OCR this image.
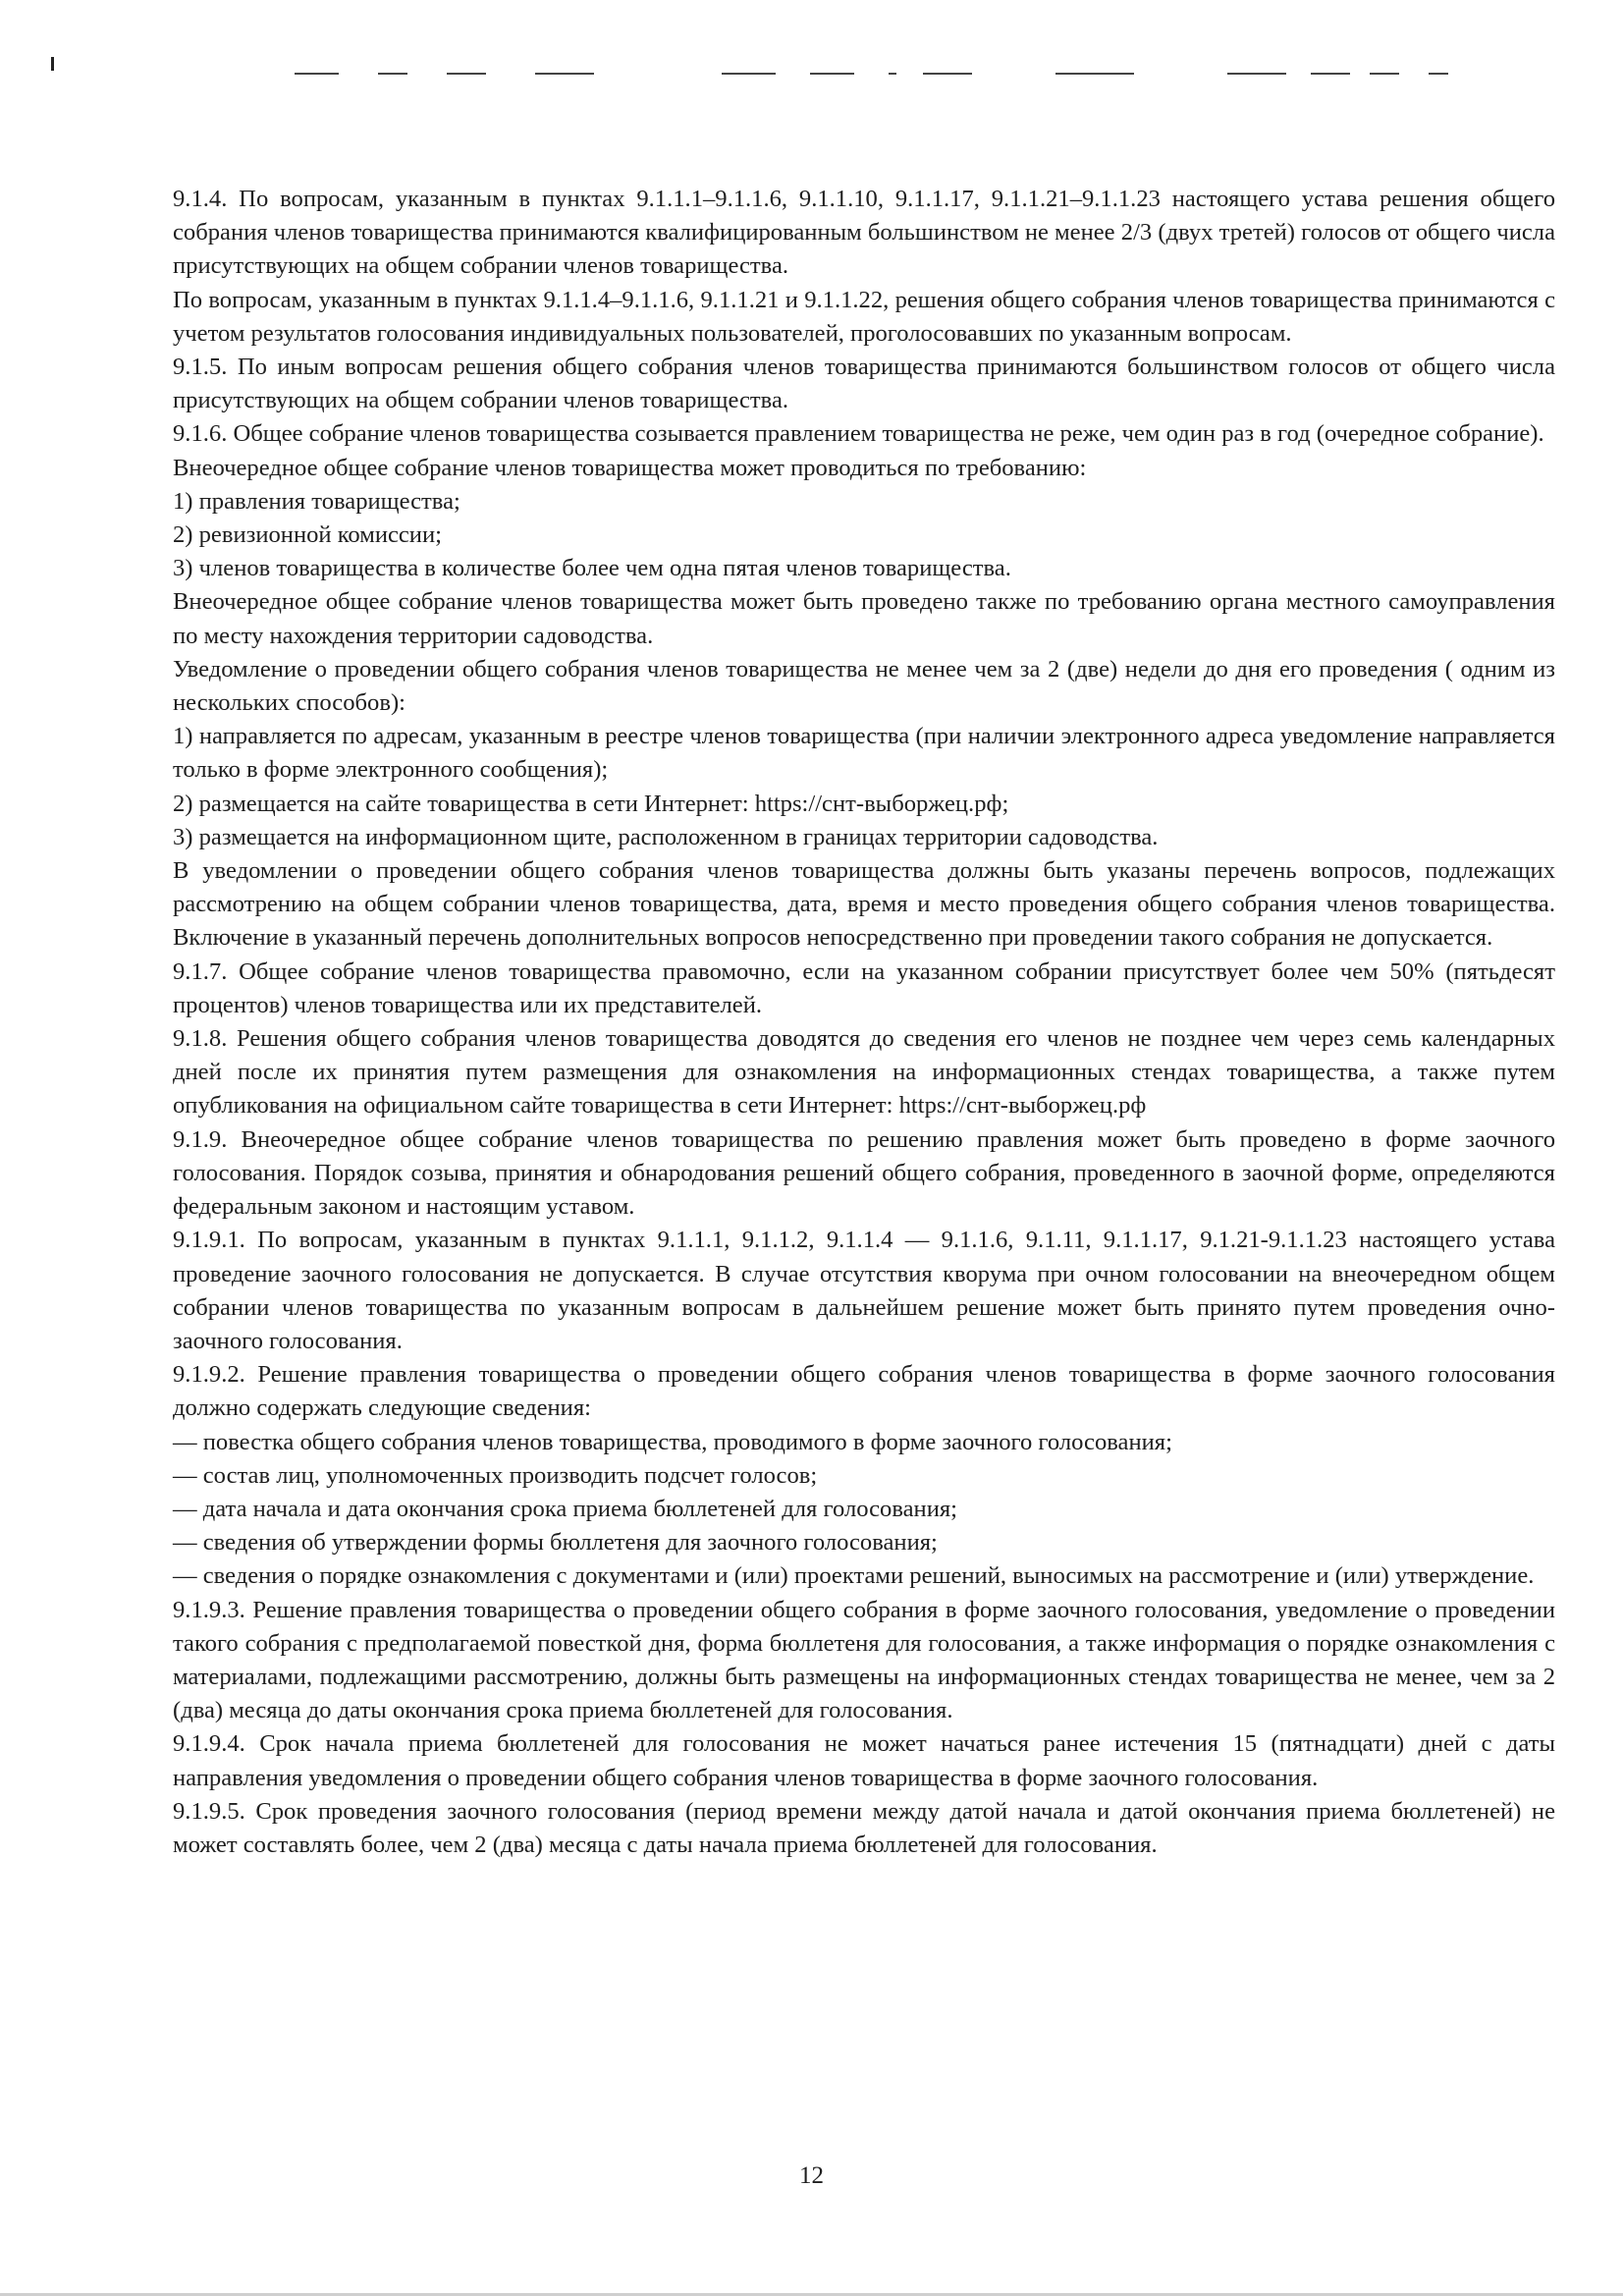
9.1.4. По вопросам, указанным в пунктах 9.1.1.1–9.1.1.6, 9.1.1.10, 9.1.1.17, 9.1.1.21–9.1.1.23 настоящего устава решения общего собрания членов товарищества принимаются квалифицированным большинством не менее 2/3 (двух третей) голосов от общего числа присутствующих на общем собрании членов товарищества.

По вопросам, указанным в пунктах 9.1.1.4–9.1.1.6, 9.1.1.21 и 9.1.1.22, решения общего собрания членов товарищества принимаются с учетом результатов голосования индивидуальных пользователей, проголосовавших по указанным вопросам.

9.1.5. По иным вопросам решения общего собрания членов товарищества принимаются большинством голосов от общего числа присутствующих на общем собрании членов товарищества.

9.1.6. Общее собрание членов товарищества созывается правлением товарищества не реже, чем один раз в год (очередное собрание).

Внеочередное общее собрание членов товарищества может проводиться по требованию:

1) правления товарищества;

2) ревизионной комиссии;

3) членов товарищества в количестве более чем одна пятая членов товарищества.

Внеочередное общее собрание членов товарищества может быть проведено также по требованию органа местного самоуправления по месту нахождения территории садоводства.

Уведомление о проведении общего собрания членов товарищества не менее чем за 2 (две) недели до дня его проведения ( одним из нескольких способов):

1) направляется по адресам, указанным в реестре членов товарищества (при наличии электронного адреса уведомление направляется только в форме электронного сообщения);

2) размещается на сайте товарищества в сети Интернет: https://снт-выборжец.рф;

3) размещается на информационном щите, расположенном в границах территории садоводства.

В уведомлении о проведении общего собрания членов товарищества должны быть указаны перечень вопросов, подлежащих рассмотрению на общем собрании членов товарищества, дата, время и место проведения общего собрания членов товарищества. Включение в указанный перечень дополнительных вопросов непосредственно при проведении такого собрания не допускается.

9.1.7. Общее собрание членов товарищества правомочно, если на указанном собрании присутствует более чем 50% (пятьдесят процентов) членов товарищества или их представителей.

9.1.8. Решения общего собрания членов товарищества доводятся до сведения его членов не позднее чем через семь календарных дней после их принятия путем размещения для ознакомления на информационных стендах товарищества, а также путем опубликования на официальном сайте товарищества в сети Интернет: https://снт-выборжец.рф

9.1.9. Внеочередное общее собрание членов товарищества по решению правления может быть проведено в форме заочного голосования. Порядок созыва, принятия и обнародования решений общего собрания, проведенного в заочной форме, определяются федеральным законом и настоящим уставом.

9.1.9.1. По вопросам, указанным в пунктах 9.1.1.1, 9.1.1.2, 9.1.1.4 — 9.1.1.6, 9.1.11, 9.1.1.17, 9.1.21-9.1.1.23 настоящего устава проведение заочного голосования не допускается. В случае отсутствия кворума при очном голосовании на внеочередном общем собрании членов товарищества по указанным вопросам в дальнейшем решение может быть принято путем проведения очно-заочного голосования.

9.1.9.2. Решение правления товарищества о проведении общего собрания членов товарищества в форме заочного голосования должно содержать следующие сведения:

— повестка общего собрания членов товарищества, проводимого в форме заочного голосования;

— состав лиц, уполномоченных производить подсчет голосов;

— дата начала и дата окончания срока приема бюллетеней для голосования;

— сведения об утверждении формы бюллетеня для заочного голосования;

— сведения о порядке ознакомления с документами и (или) проектами решений, выносимых на рассмотрение и (или) утверждение.

9.1.9.3. Решение правления товарищества о проведении общего собрания в форме заочного голосования, уведомление о проведении такого собрания с предполагаемой повесткой дня, форма бюллетеня для голосования, а также информация о порядке ознакомления с материалами, подлежащими рассмотрению, должны быть размещены на информационных стендах товарищества не менее, чем за 2 (два) месяца до даты окончания срока приема бюллетеней для голосования.

9.1.9.4. Срок начала приема бюллетеней для голосования не может начаться ранее истечения 15 (пятнадцати) дней с даты направления уведомления о проведении общего собрания членов товарищества в форме заочного голосования.

9.1.9.5. Срок проведения заочного голосования (период времени между датой начала и датой окончания приема бюллетеней) не может составлять более, чем 2 (два) месяца с даты начала приема бюллетеней для голосования.

12
